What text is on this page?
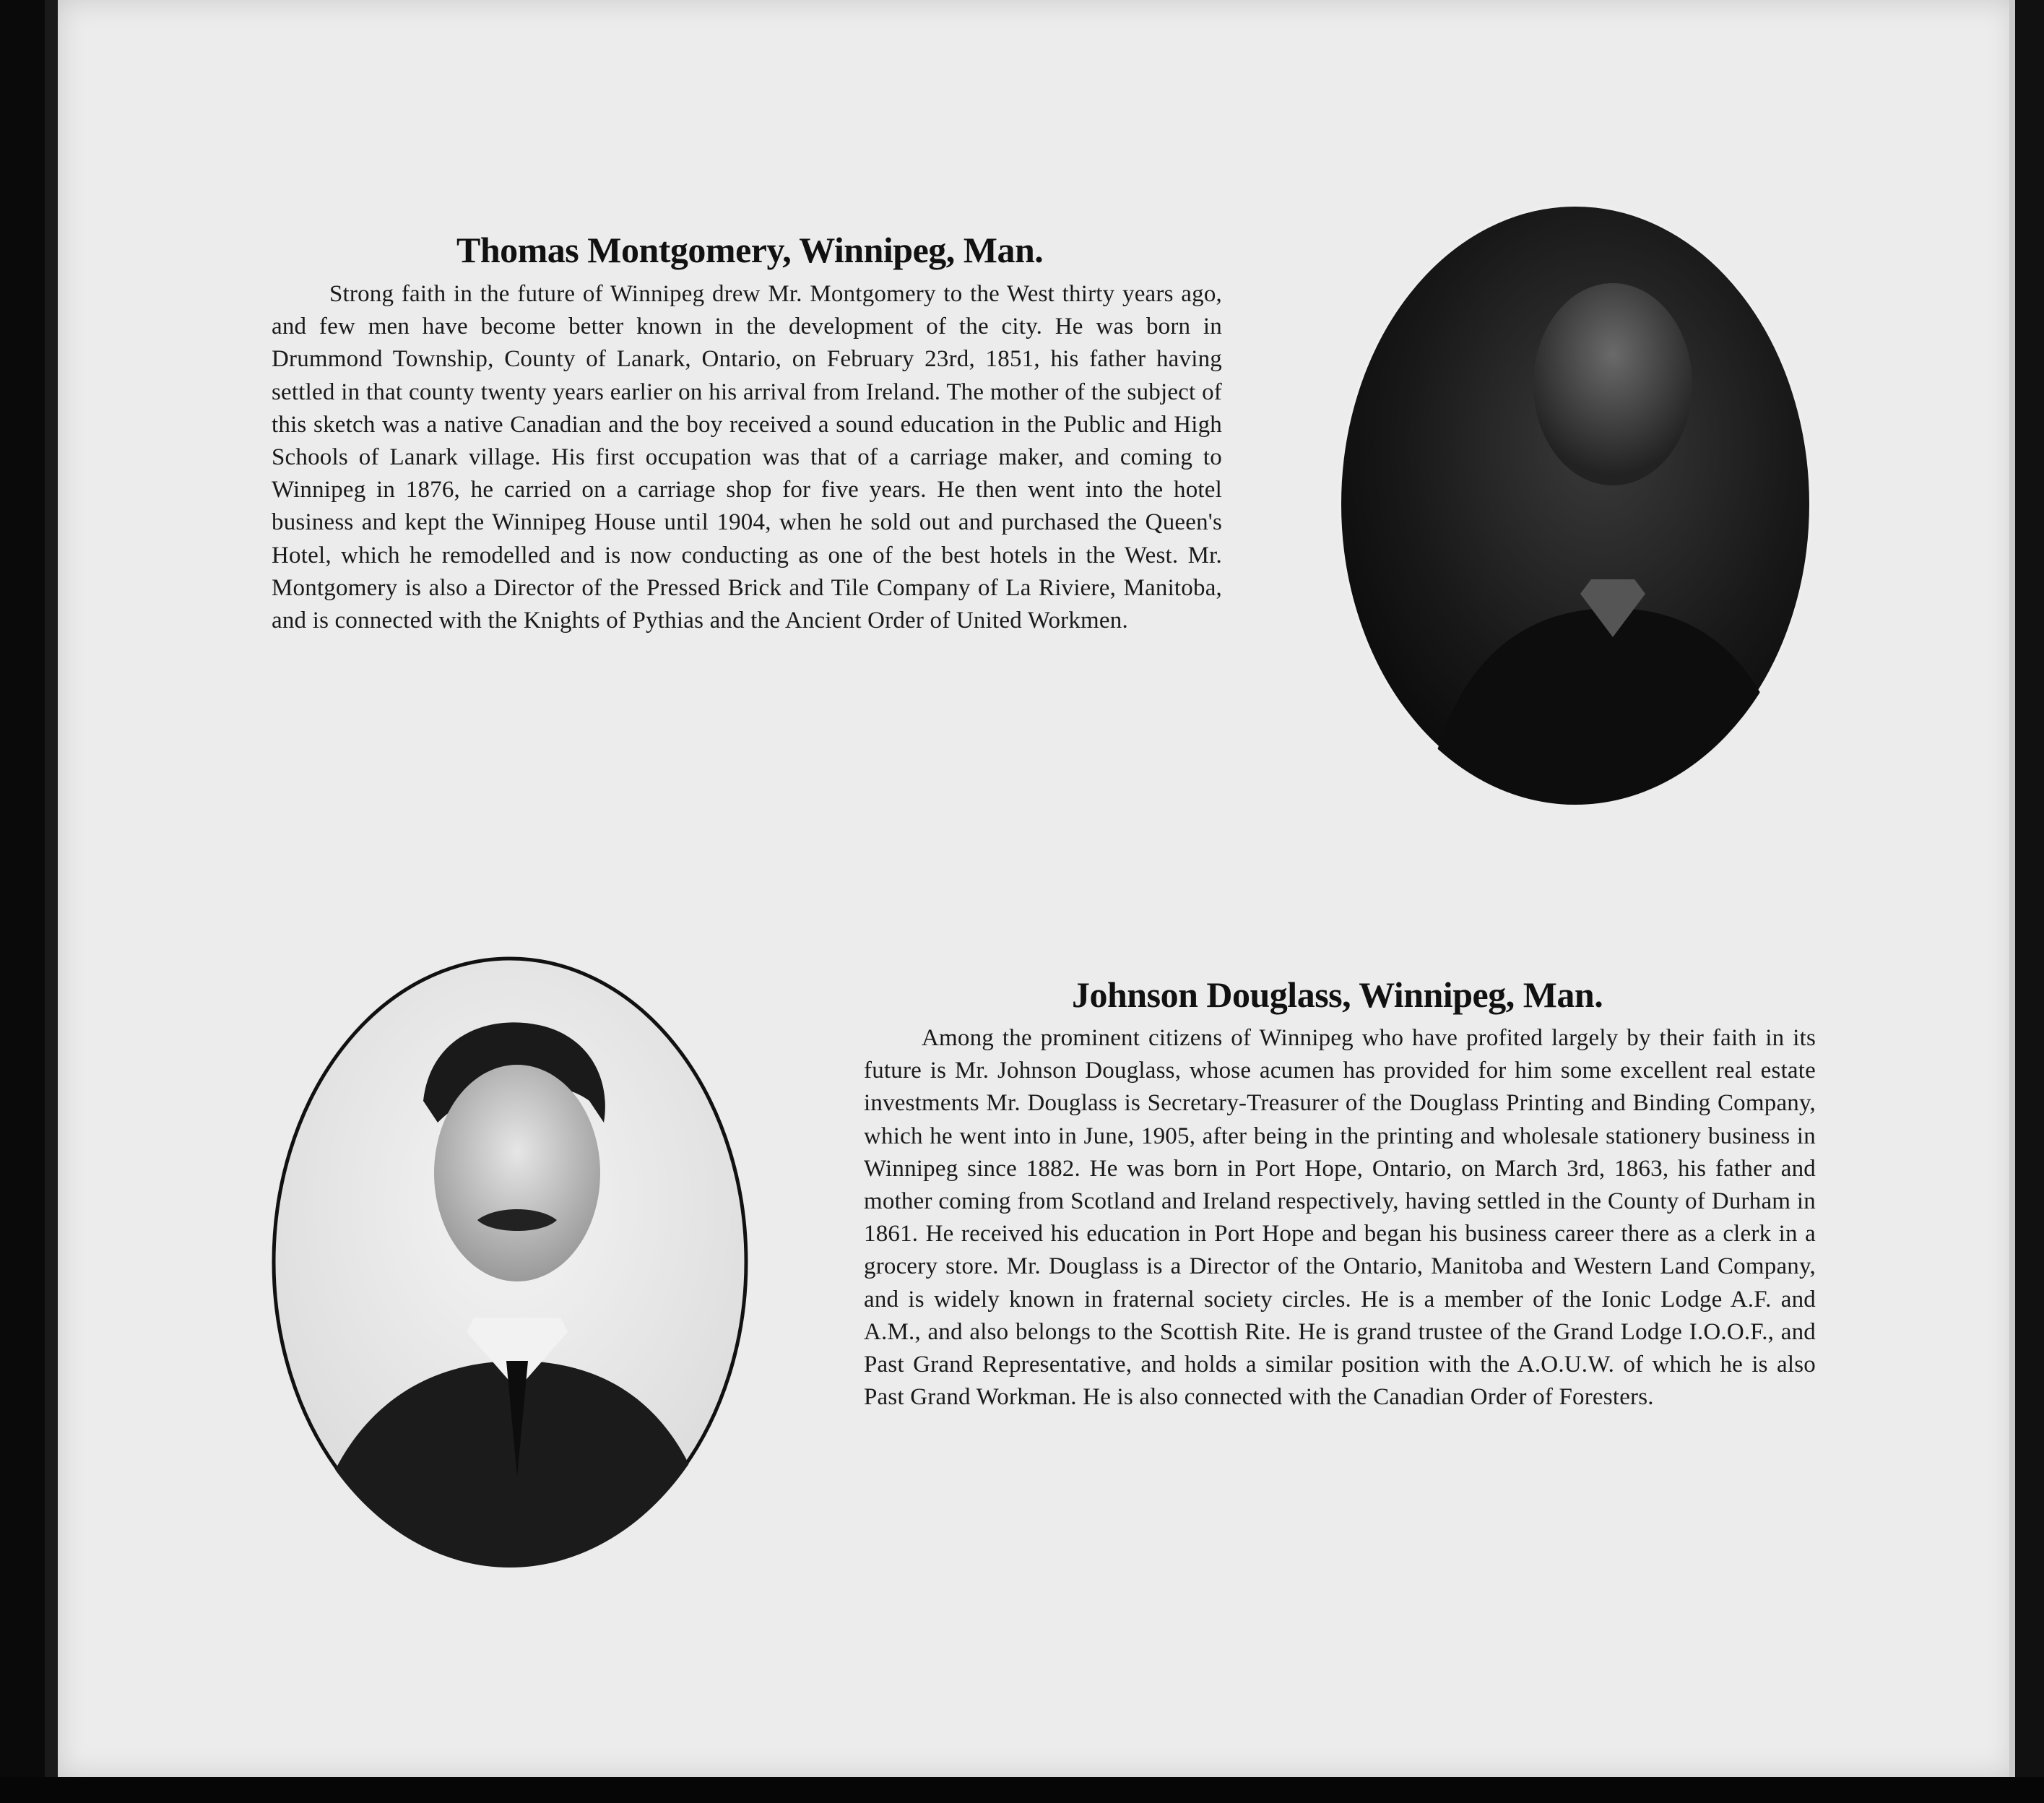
Thomas Montgomery, Winnipeg, Man.

Strong faith in the future of Winnipeg drew Mr. Montgomery to the West thirty years ago, and few men have become better known in the development of the city. He was born in Drummond Township, County of Lanark, Ontario, on February 23rd, 1851, his father having settled in that county twenty years earlier on his arrival from Ireland. The mother of the subject of this sketch was a native Canadian and the boy received a sound education in the Public and High Schools of Lanark village. His first occupation was that of a carriage maker, and coming to Winnipeg in 1876, he carried on a carriage shop for five years. He then went into the hotel business and kept the Winnipeg House until 1904, when he sold out and purchased the Queen's Hotel, which he remodelled and is now conducting as one of the best hotels in the West. Mr. Montgomery is also a Director of the Pressed Brick and Tile Company of La Riviere, Manitoba, and is connected with the Knights of Pythias and the Ancient Order of United Workmen.

Johnson Douglass, Winnipeg, Man.

Among the prominent citizens of Winnipeg who have profited largely by their faith in its future is Mr. Johnson Douglass, whose acumen has provided for him some excellent real estate investments Mr. Douglass is Secretary-Treasurer of the Douglass Printing and Binding Company, which he went into in June, 1905, after being in the printing and wholesale stationery business in Winnipeg since 1882. He was born in Port Hope, Ontario, on March 3rd, 1863, his father and mother coming from Scotland and Ireland respectively, having settled in the County of Durham in 1861. He received his education in Port Hope and began his business career there as a clerk in a grocery store. Mr. Douglass is a Director of the Ontario, Manitoba and Western Land Company, and is widely known in fraternal society circles. He is a member of the Ionic Lodge A.F. and A.M., and also belongs to the Scottish Rite. He is grand trustee of the Grand Lodge I.O.O.F., and Past Grand Representative, and holds a similar position with the A.O.U.W. of which he is also Past Grand Workman. He is also connected with the Canadian Order of Foresters.
